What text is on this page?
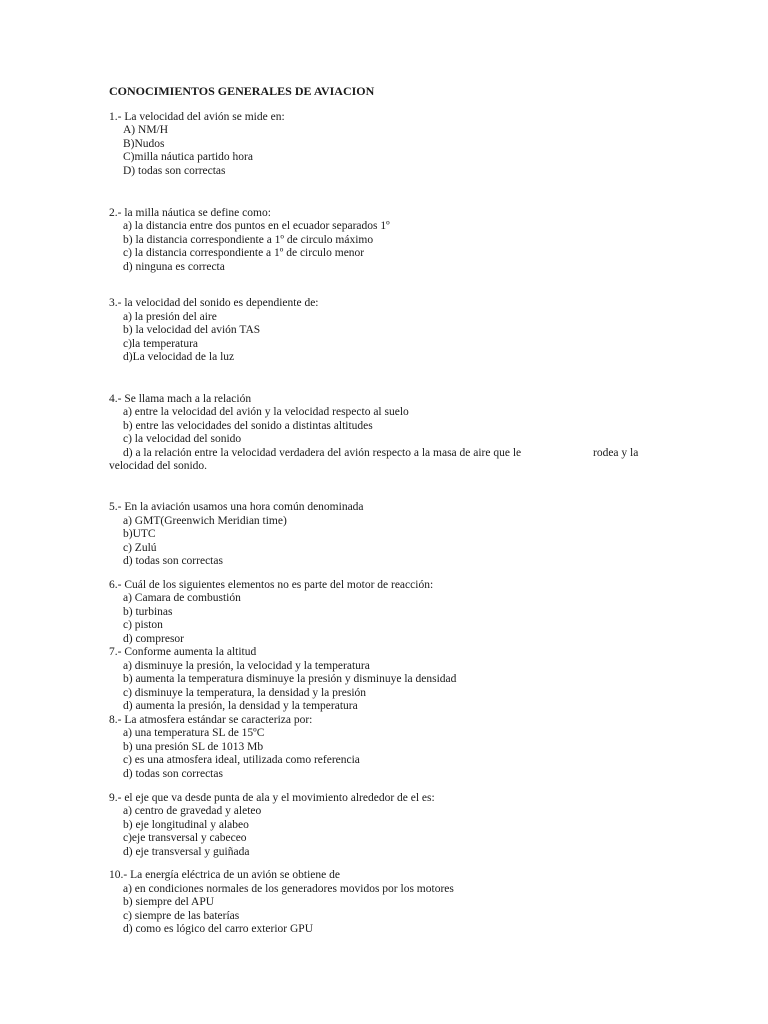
CONOCIMIENTOS GENERALES DE AVIACION
1.- La velocidad del avión se mide en:
A) NM/H
B)Nudos
C)milla náutica partido hora
D) todas son correctas
2.- la milla náutica se define como:
a) la distancia entre dos puntos en el ecuador separados 1º
b) la distancia correspondiente a 1º de circulo máximo
c) la distancia correspondiente a 1º de circulo menor
d) ninguna es correcta
3.- la velocidad del sonido es dependiente de:
a) la presión del aire
b) la velocidad del avión TAS
c)la temperatura
d)La velocidad de la luz
4.- Se llama mach a la relación
a) entre la velocidad del avión y la velocidad respecto al suelo
b) entre las velocidades del sonido a distintas altitudes
c) la velocidad del sonido
d) a la relación entre la velocidad verdadera del avión respecto a la masa de aire que le	rodea y la
velocidad del sonido.
5.- En la aviación usamos una hora común denominada
a) GMT(Greenwich Meridian time)
b)UTC
c) Zulú
d) todas son correctas
6.- Cuál de los siguientes elementos no es parte del motor de reacción:
a) Camara de combustión
b) turbinas
c) piston
d) compresor
7.- Conforme aumenta la altitud
a) disminuye la presión, la velocidad y la temperatura
b) aumenta la temperatura disminuye la presión y disminuye la densidad
c) disminuye la temperatura, la densidad y la presión
d) aumenta la presión, la densidad y la temperatura
8.- La atmosfera estándar se caracteriza por:
a) una temperatura SL de 15ºC
b) una presión SL de 1013 Mb
c) es una atmosfera ideal, utilizada como referencia
d) todas son correctas
9.- el eje que va desde punta de ala y el movimiento alrededor de el es:
a) centro de gravedad y aleteo
b) eje longitudinal y alabeo
c)eje transversal y cabeceo
d) eje transversal y guiñada
10.- La energía eléctrica de un avión se obtiene de
a) en condiciones normales de los generadores movidos por los motores
b) siempre del APU
c) siempre de las baterías
d) como es lógico del carro exterior GPU
